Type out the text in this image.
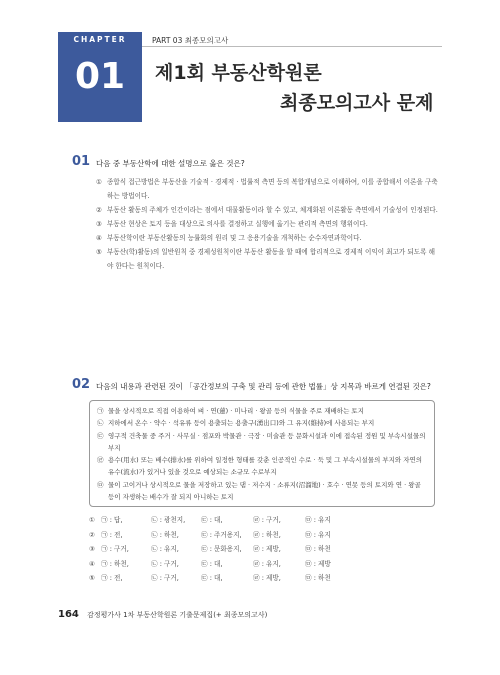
CHAPTER
01
PART 03 최종모의고사
제1회 부동산학원론
최종모의고사 문제
01 다음 중 부동산학에 대한 설명으로 옳은 것은?
① 종합식 접근방법은 부동산을 기술적 · 경제적 · 법률적 측면 등의 복합개념으로 이해하여, 이를 종합해서 이론을 구축하는 방법이다.
② 부동산 활동의 주체가 인간이라는 점에서 대물활동이라 할 수 있고, 체계화된 이론활동 측면에서 기술성이 인정된다.
③ 부동산 현상은 토지 등을 대상으로 의사를 결정하고 실행에 옮기는 관리적 측면의 행위이다.
④ 부동산학이란 부동산활동의 능률화의 원리 및 그 응용기술을 개척하는 순수자연과학이다.
⑤ 부동산(학)활동)의 일반원칙 중 경제성원칙이란 부동산 활동을 할 때에 합리적으로 경제적 이익이 최고가 되도록 해야 한다는 원칙이다.
02 다음의 내용과 관련된 것이 「공간정보의 구축 및 관리 등에 관한 법률」상 지목과 바르게 연결된 것은?
㉠ 물을 상시적으로 직접 이용하여 벼 · 연(蓮) · 미나리 · 왕골 등의 식물을 주로 재배하는 토지
㉡ 지하에서 온수 · 약수 · 석유류 등이 용출되는 용출구(湧出口)와 그 유지(維持)에 사용되는 부지
㉢ 영구적 건축물 중 주거 · 사무실 · 점포와 박물관 · 극장 · 미술관 등 문화시설과 이에 접속된 정원 및 부속시설물의 부지
㉣ 용수(用水) 또는 배수(排水)를 위하여 일정한 형태를 갖춘 인공적인 수로 · 둑 및 그 부속시설물의 부지와 자연의 유수(流水)가 있거나 있을 것으로 예상되는 소규모 수로부지
㉤ 물이 고이거나 상시적으로 물을 저장하고 있는 댐 · 저수지 · 소류지(沼溜地) · 호수 · 연못 등의 토지와 연 · 왕골 등이 자생하는 배수가 잘 되지 아니하는 토지
① ㉠ : 답,	㉡ : 광천지,	㉢ : 대,	㉣ : 구거,	㉤ : 유지
② ㉠ : 전,	㉡ : 하천,	㉢ : 주거용지,	㉣ : 하천,	㉤ : 유지
③ ㉠ : 구거,	㉡ : 유지,	㉢ : 문화용지,	㉣ : 제방,	㉤ : 하천
④ ㉠ : 하천,	㉡ : 구거,	㉢ : 대,	㉣ : 유지,	㉤ : 제방
⑤ ㉠ : 전,	㉡ : 구거,	㉢ : 대,	㉣ : 제방,	㉤ : 하천
164 감정평가사 1차 부동산학원론 기출문제집(+ 최종모의고사)
